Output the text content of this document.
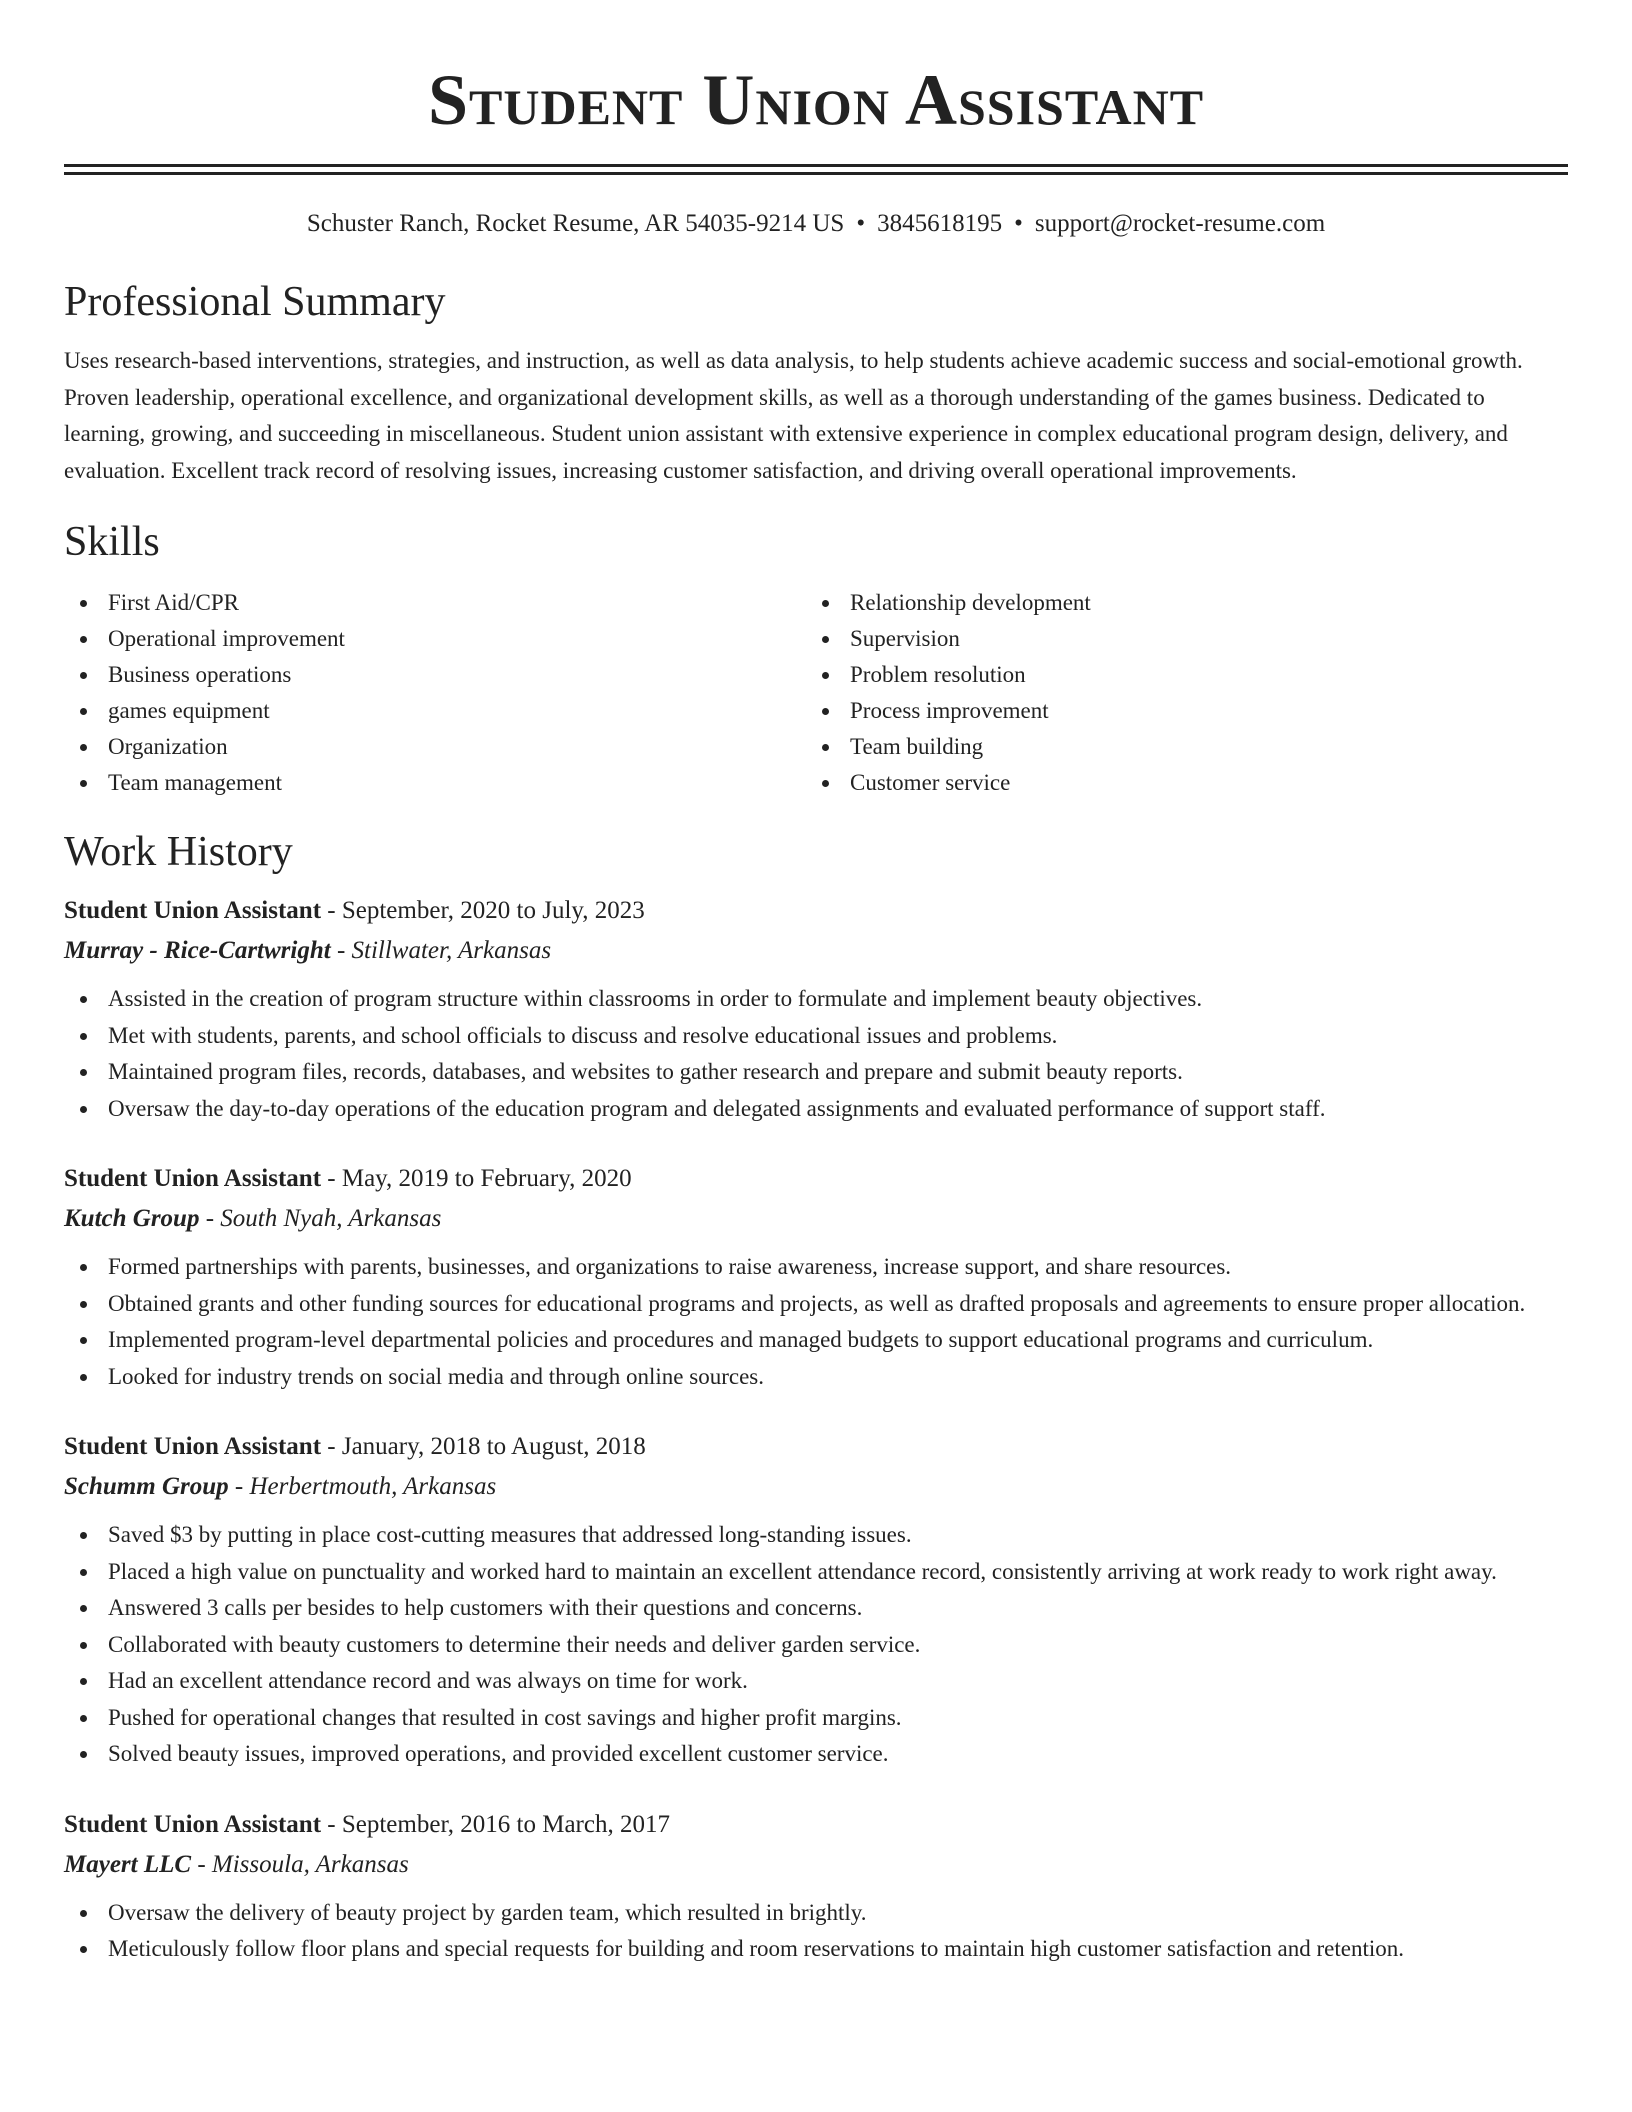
Student Union Assistant
Schuster Ranch, Rocket Resume, AR 54035-9214 US • 3845618195 • support@rocket-resume.com
Professional Summary

Uses research-based interventions, strategies, and instruction, as well as data analysis, to help students achieve academic success and social-emotional growth. Proven leadership, operational excellence, and organizational development skills, as well as a thorough understanding of the games business. Dedicated to learning, growing, and succeeding in miscellaneous. Student union assistant with extensive experience in complex educational program design, delivery, and evaluation. Excellent track record of resolving issues, increasing customer satisfaction, and driving overall operational improvements.

Skills
First Aid/CPR
Operational improvement
Business operations
games equipment
Organization
Team management
Relationship development
Supervision
Problem resolution
Process improvement
Team building
Customer service
Work History
Student Union Assistant - September, 2020 to July, 2023
Murray - Rice-Cartwright - Stillwater, Arkansas
Assisted in the creation of program structure within classrooms in order to formulate and implement beauty objectives.
Met with students, parents, and school officials to discuss and resolve educational issues and problems.
Maintained program files, records, databases, and websites to gather research and prepare and submit beauty reports.
Oversaw the day-to-day operations of the education program and delegated assignments and evaluated performance of support staff.
Student Union Assistant - May, 2019 to February, 2020
Kutch Group - South Nyah, Arkansas
Formed partnerships with parents, businesses, and organizations to raise awareness, increase support, and share resources.
Obtained grants and other funding sources for educational programs and projects, as well as drafted proposals and agreements to ensure proper allocation.
Implemented program-level departmental policies and procedures and managed budgets to support educational programs and curriculum.
Looked for industry trends on social media and through online sources.
Student Union Assistant - January, 2018 to August, 2018
Schumm Group - Herbertmouth, Arkansas
Saved $3 by putting in place cost-cutting measures that addressed long-standing issues.
Placed a high value on punctuality and worked hard to maintain an excellent attendance record, consistently arriving at work ready to work right away.
Answered 3 calls per besides to help customers with their questions and concerns.
Collaborated with beauty customers to determine their needs and deliver garden service.
Had an excellent attendance record and was always on time for work.
Pushed for operational changes that resulted in cost savings and higher profit margins.
Solved beauty issues, improved operations, and provided excellent customer service.
Student Union Assistant - September, 2016 to March, 2017
Mayert LLC - Missoula, Arkansas
Oversaw the delivery of beauty project by garden team, which resulted in brightly.
Meticulously follow floor plans and special requests for building and room reservations to maintain high customer satisfaction and retention.
